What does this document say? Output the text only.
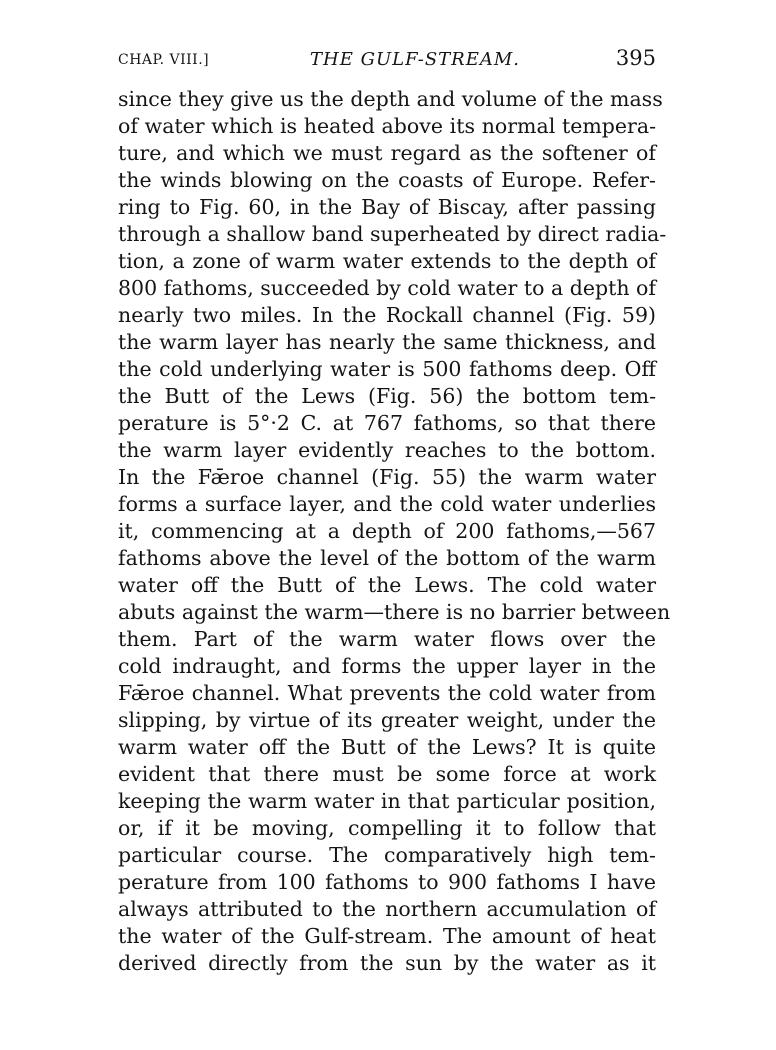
CHAP. VIII.]	THE GULF-STREAM.	395
since they give us the depth and volume of the mass
of water which is heated above its normal tempera-
ture, and which we must regard as the softener of
the winds blowing on the coasts of Europe. Refer-
ring to Fig. 60, in the Bay of Biscay, after passing
through a shallow band superheated by direct radia-
tion, a zone of warm water extends to the depth of
800 fathoms, succeeded by cold water to a depth of
nearly two miles. In the Rockall channel (Fig. 59)
the warm layer has nearly the same thickness, and
the cold underlying water is 500 fathoms deep. Off
the Butt of the Lews (Fig. 56) the bottom tem-
perature is 5°·2 C. at 767 fathoms, so that there
the warm layer evidently reaches to the bottom.
In the Fǣroe channel (Fig. 55) the warm water
forms a surface layer, and the cold water underlies
it, commencing at a depth of 200 fathoms,—567
fathoms above the level of the bottom of the warm
water off the Butt of the Lews. The cold water
abuts against the warm—there is no barrier between
them. Part of the warm water flows over the
cold indraught, and forms the upper layer in the
Fǣroe channel. What prevents the cold water from
slipping, by virtue of its greater weight, under the
warm water off the Butt of the Lews? It is quite
evident that there must be some force at work
keeping the warm water in that particular position,
or, if it be moving, compelling it to follow that
particular course. The comparatively high tem-
perature from 100 fathoms to 900 fathoms I have
always attributed to the northern accumulation of
the water of the Gulf-stream. The amount of heat
derived directly from the sun by the water as it
